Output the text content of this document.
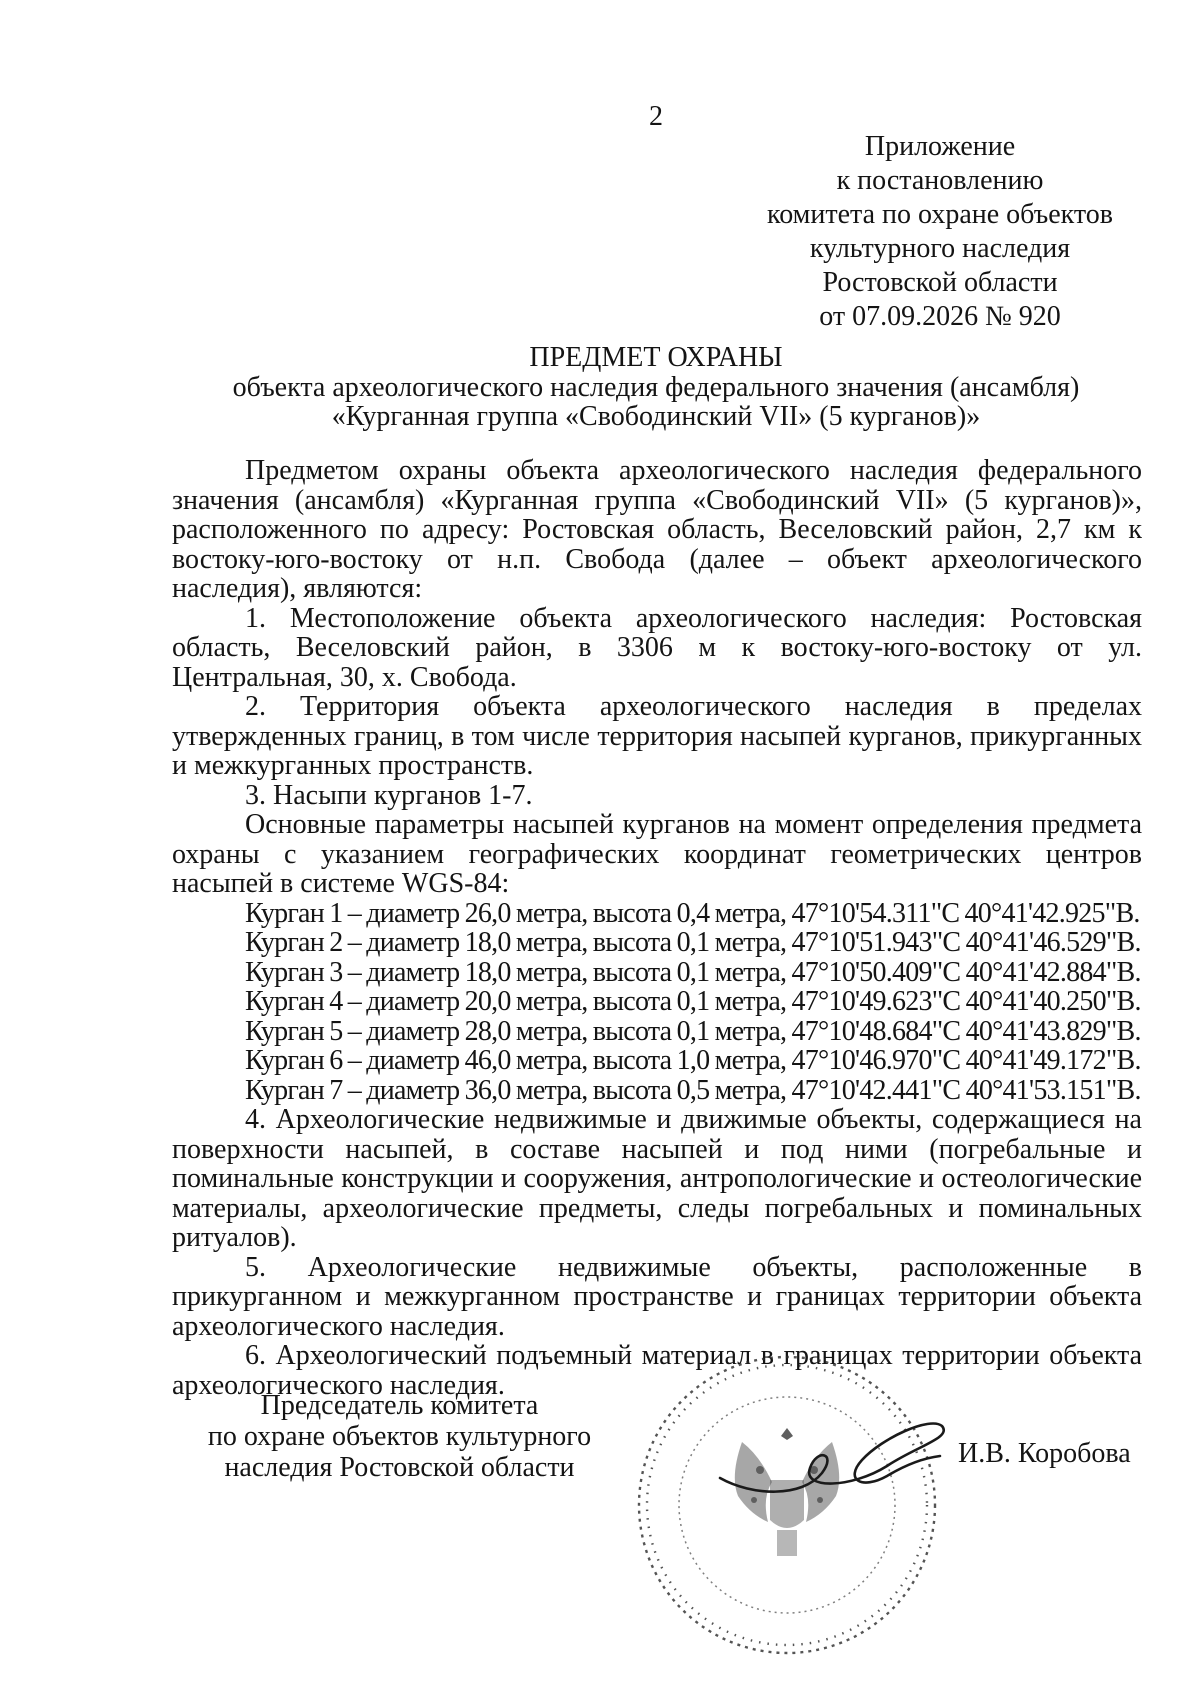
2
Приложение
к постановлению
комитета по охране объектов
культурного наследия
Ростовской области
от 07.09.2026 № 920
ПРЕДМЕТ ОХРАНЫ
объекта археологического наследия федерального значения (ансамбля)
«Курганная группа «Свободинский VII» (5 курганов)»

Предметом охраны объекта археологического наследия федерального значения (ансамбля) «Курганная группа «Свободинский VII» (5 курганов)», расположенного по адресу: Ростовская область, Веселовский район, 2,7 км к востоку-юго-востоку от н.п. Свобода (далее – объект археологического наследия), являются:

1. Местоположение объекта археологического наследия: Ростовская область, Веселовский район, в 3306 м к востоку-юго-востоку от ул. Центральная, 30, х. Свобода.

2. Территория объекта археологического наследия в пределах утвержденных границ, в том числе территория насыпей курганов, прикурганных и межкурганных пространств.

3. Насыпи курганов 1-7.

Основные параметры насыпей курганов на момент определения предмета охраны с указанием географических координат геометрических центров насыпей в системе WGS-84:

Курган 1 – диаметр 26,0 метра, высота 0,4 метра, 47°10'54.311"С 40°41'42.925"В.
Курган 2 – диаметр 18,0 метра, высота 0,1 метра, 47°10'51.943"С 40°41'46.529"В.
Курган 3 – диаметр 18,0 метра, высота 0,1 метра, 47°10'50.409"С 40°41'42.884"В.
Курган 4 – диаметр 20,0 метра, высота 0,1 метра, 47°10'49.623"С 40°41'40.250"В.
Курган 5 – диаметр 28,0 метра, высота 0,1 метра, 47°10'48.684"С 40°41'43.829"В.
Курган 6 – диаметр 46,0 метра, высота 1,0 метра, 47°10'46.970"С 40°41'49.172"В.
Курган 7 – диаметр 36,0 метра, высота 0,5 метра, 47°10'42.441"С 40°41'53.151"В.

4. Археологические недвижимые и движимые объекты, содержащиеся на поверхности насыпей, в составе насыпей и под ними (погребальные и поминальные конструкции и сооружения, антропологические и остеологические материалы, археологические предметы, следы погребальных и поминальных ритуалов).

5. Археологические недвижимые объекты, расположенные в прикурганном и межкурганном пространстве и границах территории объекта археологического наследия.

6. Археологический подъемный материал в границах территории объекта археологического наследия.

Председатель комитета
по охране объектов культурного
наследия Ростовской области	И.В. Коробова
